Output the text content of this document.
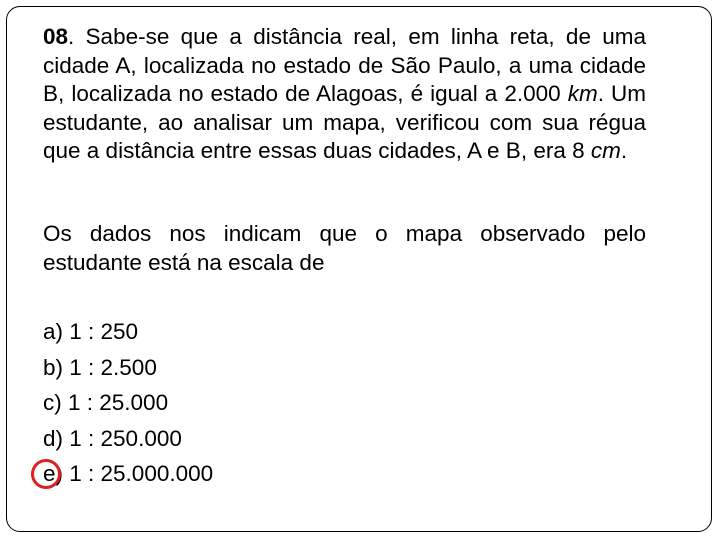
08. Sabe-se que a distância real, em linha reta, de uma cidade A, localizada no estado de São Paulo, a uma cidade B, localizada no estado de Alagoas, é igual a 2.000 km. Um estudante, ao analisar um mapa, verificou com sua régua que a distância entre essas duas cidades, A e B, era 8 cm.
Os dados nos indicam que o mapa observado pelo estudante está na escala de
a) 1 : 250
b) 1 : 2.500
c) 1 : 25.000
d) 1 : 250.000
e) 1 : 25.000.000
